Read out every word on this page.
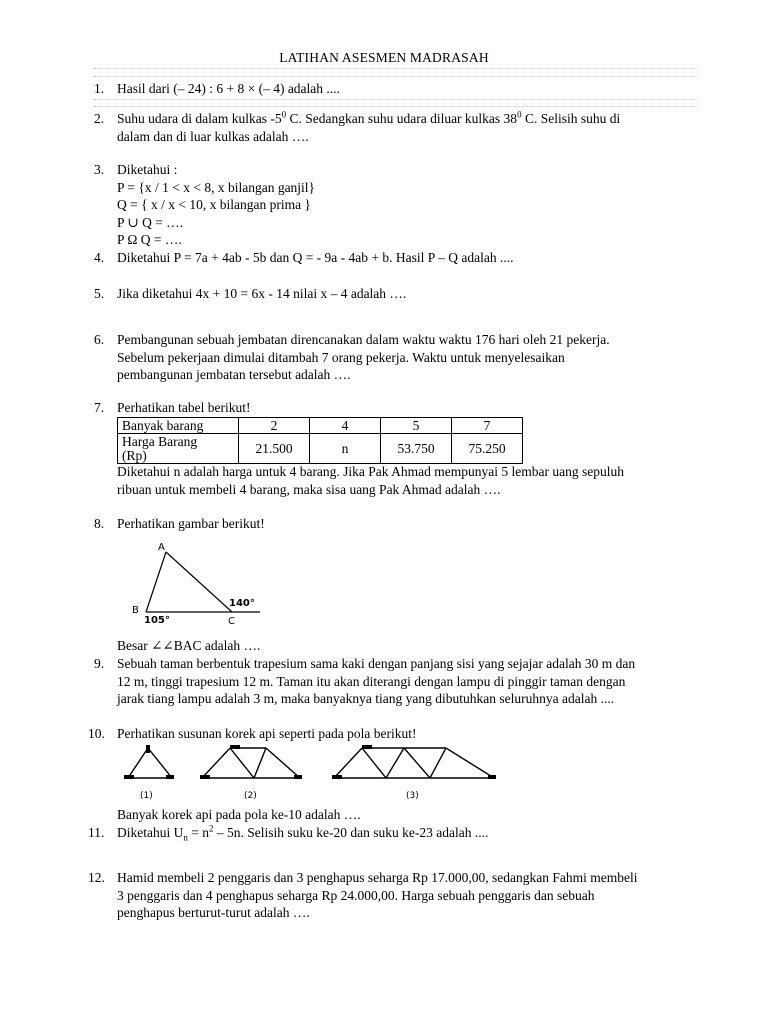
LATIHAN ASESMEN MADRASAH
1. Hasil dari (– 24) : 6 + 8 × (– 4) adalah ....
2. Suhu udara di dalam kulkas $-5^0$ C. Sedangkan suhu udara diluar kulkas $38^0$ C. Selisih suhu di
dalam dan di luar kulkas adalah ….
3. Diketahui :
P = {x / 1 < x < 8, x bilangan ganjil}
Q = { x / x < 10, x bilangan prima }
P ∪ Q = ….
P Ω Q = ….
4. Diketahui P = 7a + 4ab - 5b dan Q = - 9a - 4ab + b. Hasil P – Q adalah ....
5. Jika diketahui 4x + 10 = 6x - 14 nilai x – 4 adalah ….
6. Pembangunan sebuah jembatan direncanakan dalam waktu waktu 176 hari oleh 21 pekerja.
Sebelum pekerjaan dimulai ditambah 7 orang pekerja. Waktu untuk menyelesaikan
pembangunan jembatan tersebut adalah ….
7. Perhatikan tabel berikut!
Banyak barang	2	4	5	7
Harga Barang
(Rp)	21.500	n	53.750	75.250
Diketahui n adalah harga untuk 4 barang. Jika Pak Ahmad mempunyai 5 lembar uang sepuluh
ribuan untuk membeli 4 barang, maka sisa uang Pak Ahmad adalah ….
8. Perhatikan gambar berikut!
A
B
C
105°
140°
Besar ∠∠BAC adalah ….
9. Sebuah taman berbentuk trapesium sama kaki dengan panjang sisi yang sejajar adalah 30 m dan
12 m, tinggi trapesium 12 m. Taman itu akan diterangi dengan lampu di pinggir taman dengan
jarak tiang lampu adalah 3 m, maka banyaknya tiang yang dibutuhkan seluruhnya adalah ....
10. Perhatikan susunan korek api seperti pada pola berikut!
(1)	(2)	(3)
Banyak korek api pada pola ke-10 adalah ….
11. Diketahui $U_n = n^2 - 5n$. Selisih suku ke-20 dan suku ke-23 adalah ....
12. Hamid membeli 2 penggaris dan 3 penghapus seharga Rp 17.000,00, sedangkan Fahmi membeli
3 penggaris dan 4 penghapus seharga Rp 24.000,00. Harga sebuah penggaris dan sebuah
penghapus berturut-turut adalah ….
